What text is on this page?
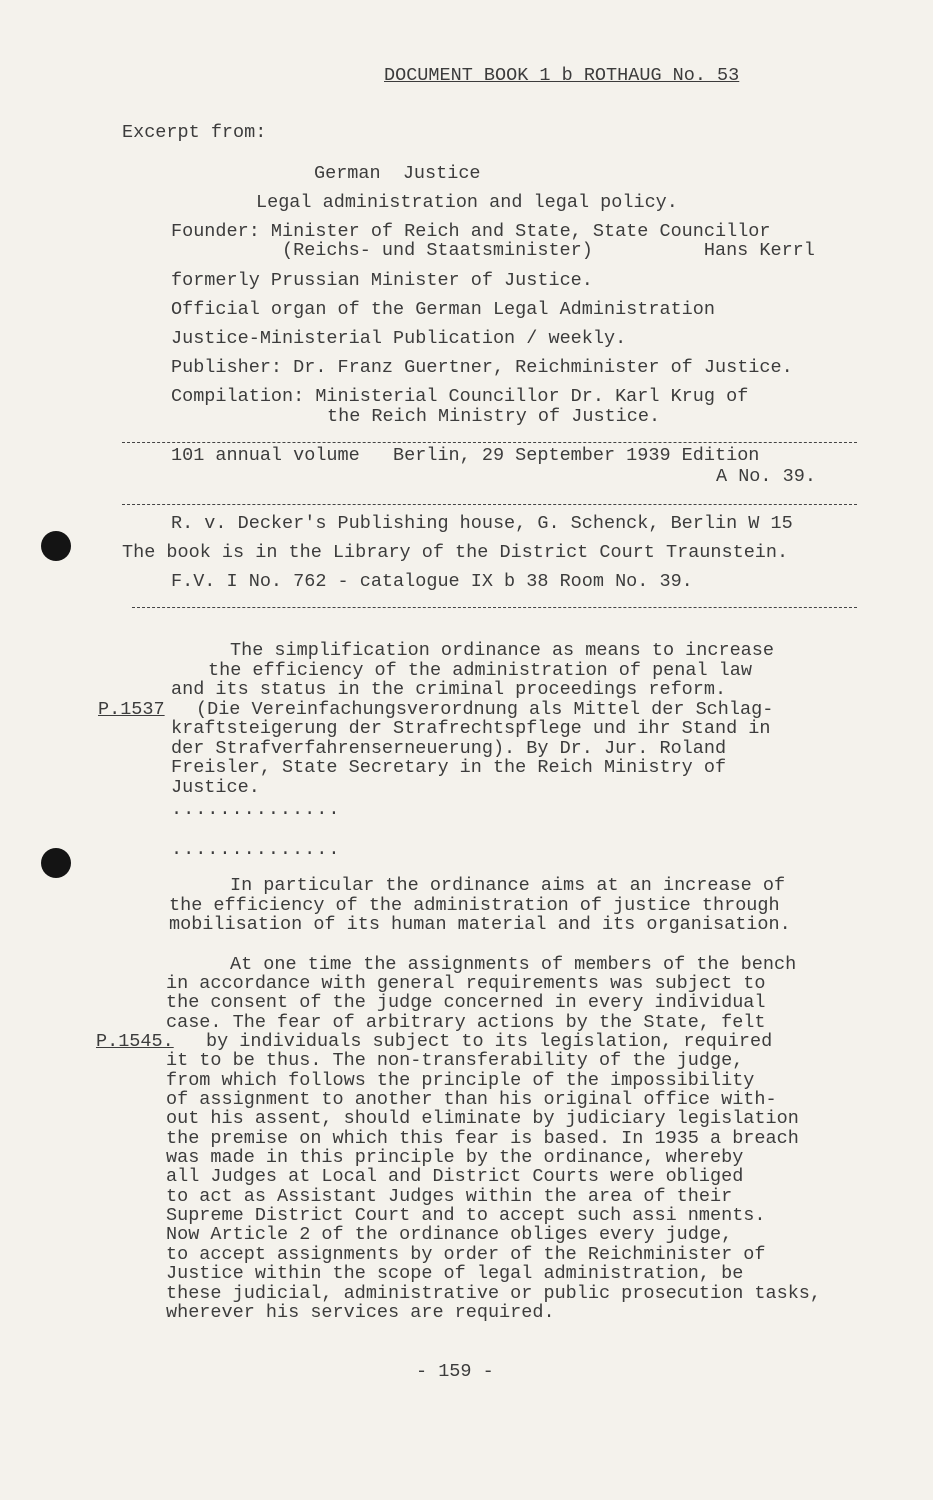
DOCUMENT BOOK 1 b ROTHAUG No. 53
Excerpt from:
German  Justice
Legal administration and legal policy.
Founder: Minister of Reich and State, State Councillor
(Reichs- und Staatsminister)          Hans Kerrl
formerly Prussian Minister of Justice.
Official organ of the German Legal Administration
Justice-Ministerial Publication / weekly.
Publisher: Dr. Franz Guertner, Reichminister of Justice.
Compilation: Ministerial Councillor Dr. Karl Krug of
the Reich Ministry of Justice.
101 annual volume   Berlin, 29 September 1939 Edition
A No. 39.
R. v. Decker's Publishing house, G. Schenck, Berlin W 15
The book is in the Library of the District Court Traunstein.
F.V. I No. 762 - catalogue IX b 38 Room No. 39.
The simplification ordinance as means to increase
the efficiency of the administration of penal law
and its status in the criminal proceedings reform.
P.1537 (Die Vereinfachungsverordnung als Mittel der Schlag-
kraftsteigerung der Strafrechtspflege und ihr Stand in
der Strafverfahrenserneuerung). By Dr. Jur. Roland
Freisler, State Secretary in the Reich Ministry of
Justice.
..............
..............
In particular the ordinance aims at an increase of
the efficiency of the administration of justice through
mobilisation of its human material and its organisation.
At one time the assignments of members of the bench
in accordance with general requirements was subject to
the consent of the judge concerned in every individual
case. The fear of arbitrary actions by the State, felt
P.1545. by individuals subject to its legislation, required
it to be thus. The non-transferability of the judge,
from which follows the principle of the impossibility
of assignment to another than his original office with-
out his assent, should eliminate by judiciary legislation
the premise on which this fear is based. In 1935 a breach
was made in this principle by the ordinance, whereby
all Judges at Local and District Courts were obliged
to act as Assistant Judges within the area of their
Supreme District Court and to accept such assi nments.
Now Article 2 of the ordinance obliges every judge,
to accept assignments by order of the Reichminister of
Justice within the scope of legal administration, be
these judicial, administrative or public prosecution tasks,
wherever his services are required.
- 159 -
